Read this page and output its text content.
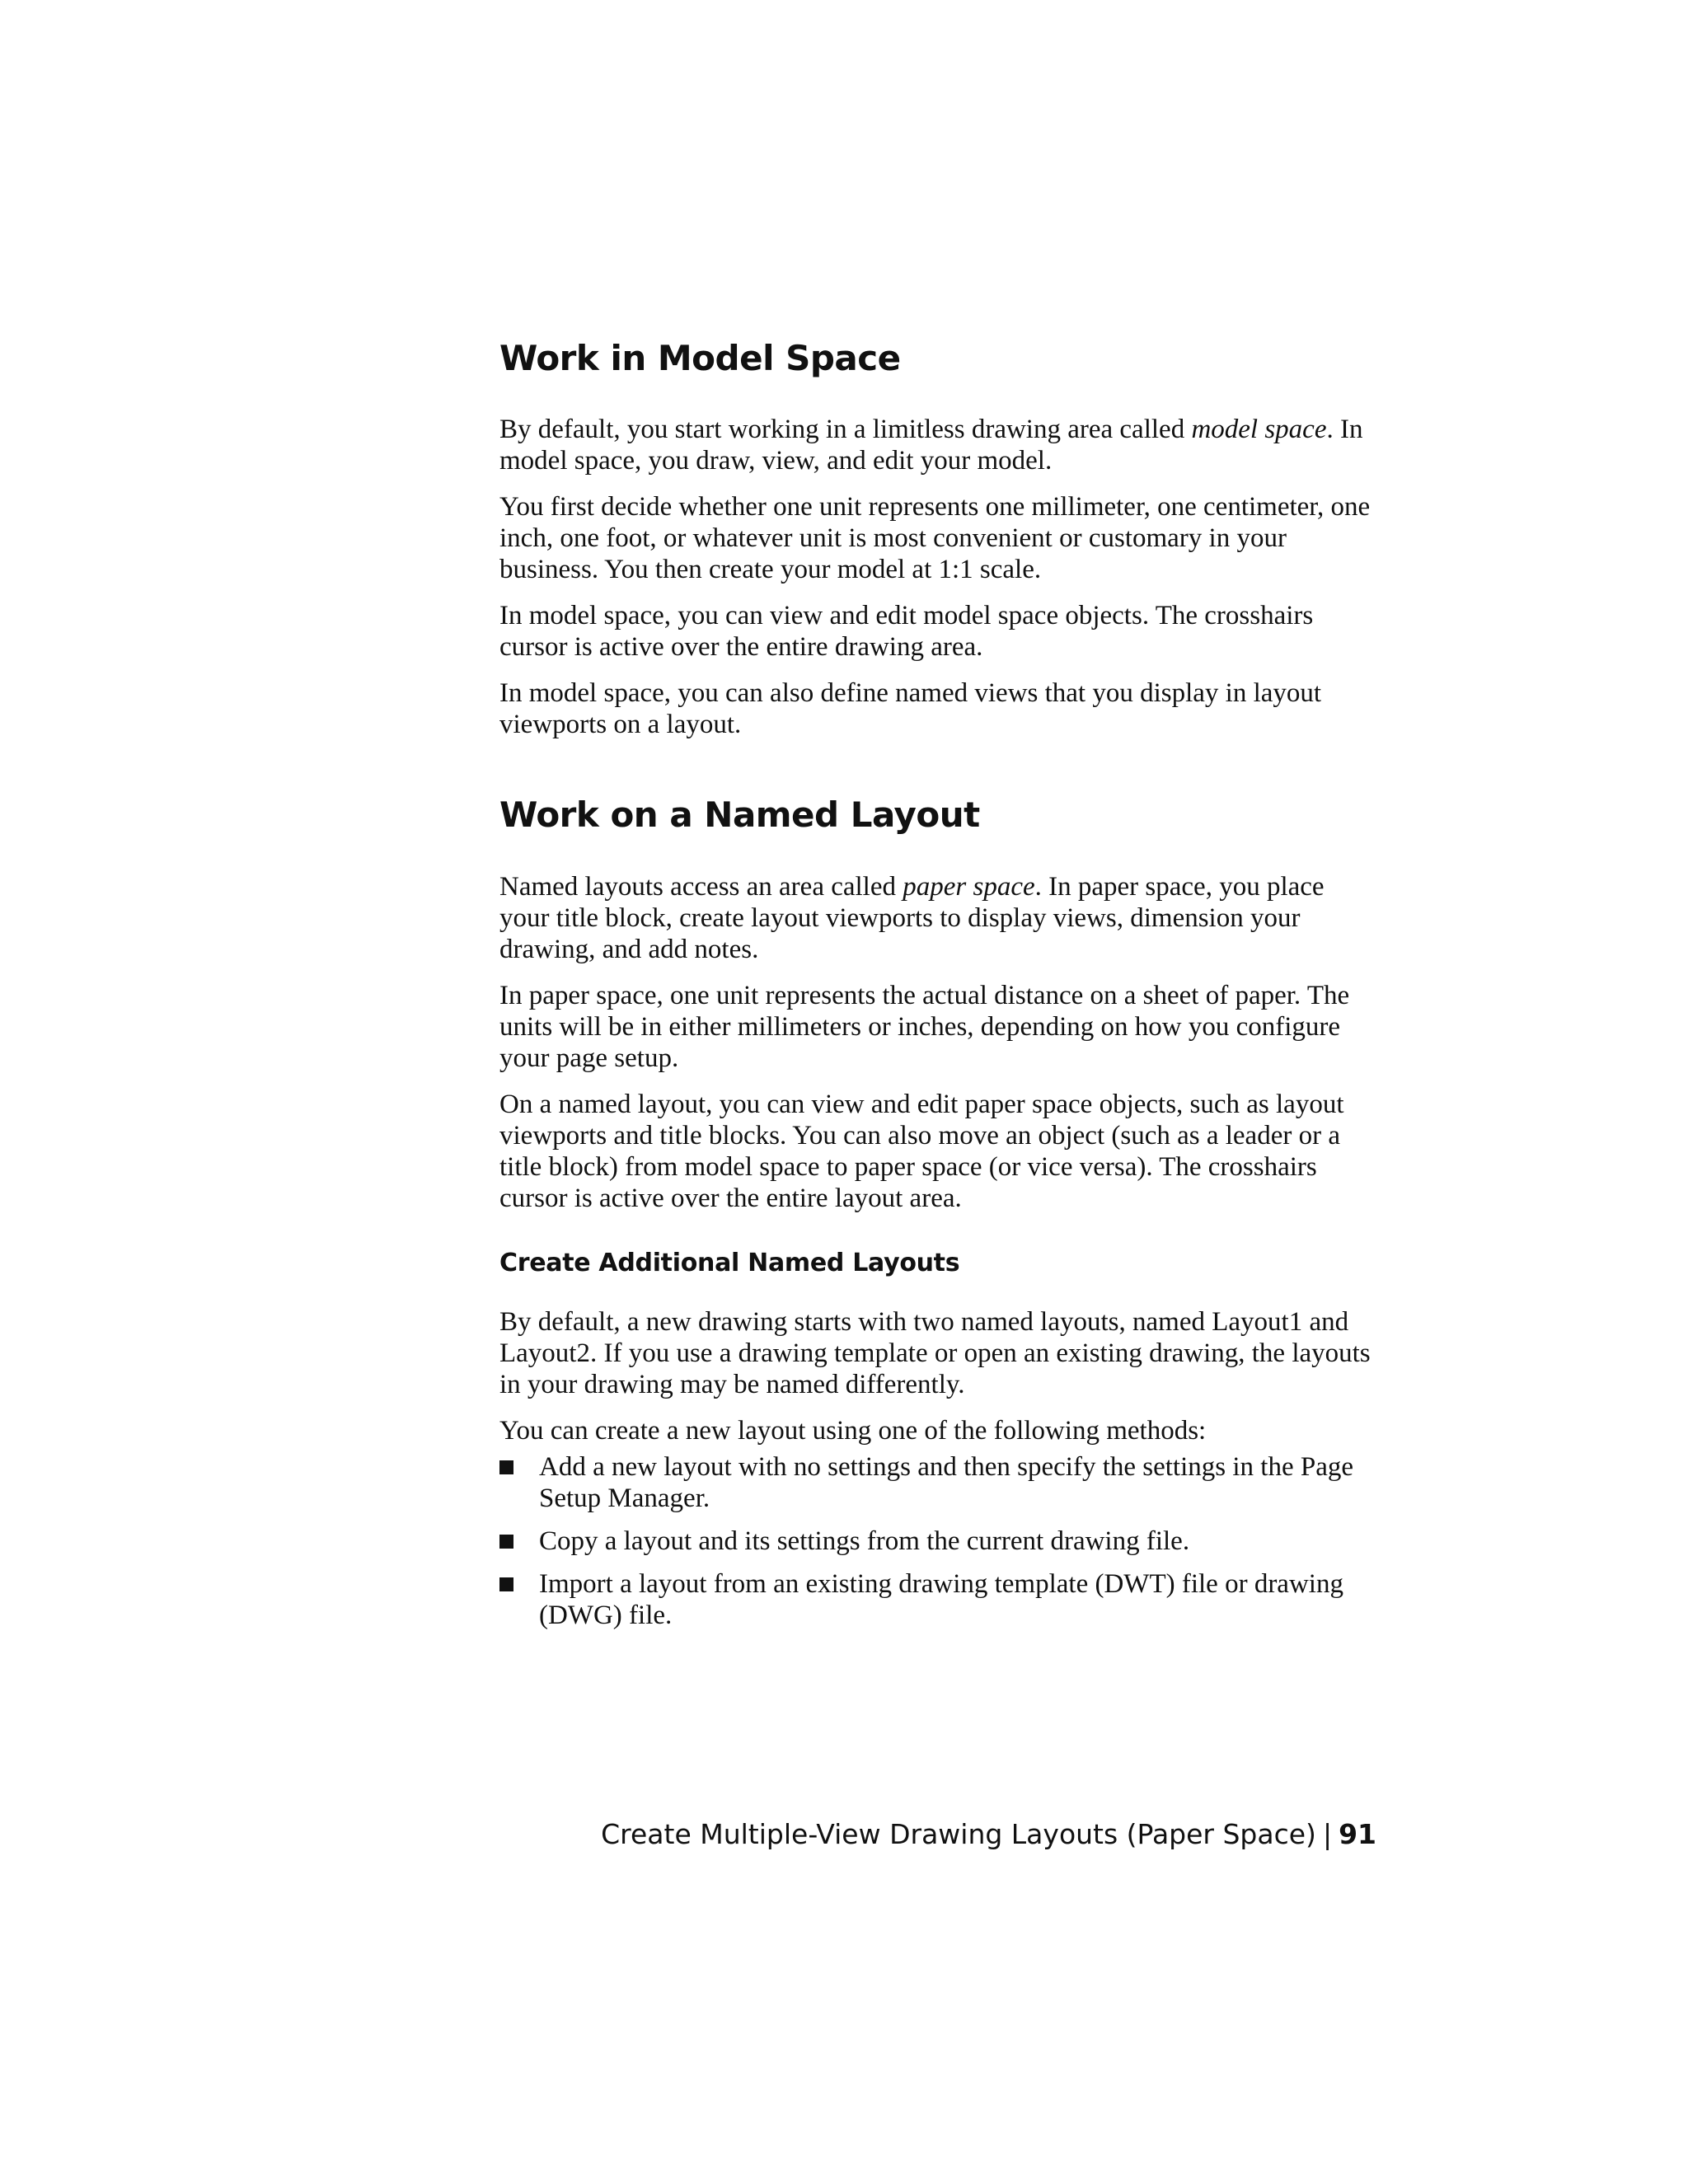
Work in Model Space

By default, you start working in a limitless drawing area called model space. In model space, you draw, view, and edit your model.

You first decide whether one unit represents one millimeter, one centimeter, one inch, one foot, or whatever unit is most convenient or customary in your business. You then create your model at 1:1 scale.

In model space, you can view and edit model space objects. The crosshairs cursor is active over the entire drawing area.

In model space, you can also define named views that you display in layout viewports on a layout.

Work on a Named Layout

Named layouts access an area called paper space. In paper space, you place your title block, create layout viewports to display views, dimension your drawing, and add notes.

In paper space, one unit represents the actual distance on a sheet of paper. The units will be in either millimeters or inches, depending on how you configure your page setup.

On a named layout, you can view and edit paper space objects, such as layout viewports and title blocks. You can also move an object (such as a leader or a title block) from model space to paper space (or vice versa). The crosshairs cursor is active over the entire layout area.

Create Additional Named Layouts

By default, a new drawing starts with two named layouts, named Layout1 and Layout2. If you use a drawing template or open an existing drawing, the layouts in your drawing may be named differently.

You can create a new layout using one of the following methods:

Add a new layout with no settings and then specify the settings in the Page Setup Manager.
Copy a layout and its settings from the current drawing file.
Import a layout from an existing drawing template (DWT) file or drawing (DWG) file.
Create Multiple-View Drawing Layouts (Paper Space) | 91
